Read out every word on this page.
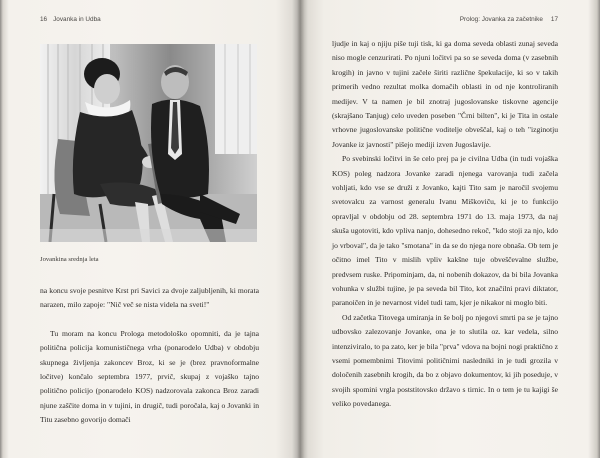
16 Jovanka in Udba
Jovankina srednja leta

na koncu svoje pesnitve Krst pri Savici za dvoje zaljubljenih, ki morata narazen, milo zapoje: "Nič več se nista videla na sveti!"

Tu moram na koncu Prologa metodološko opomniti, da je tajna politična policija komunističnega vrha (ponarodelo Udba) v obdobju skupnega življenja zakoncev Broz, ki se je (brez pravnoformalne ločitve) končalo septembra 1977, prvič, skupaj z vojaško tajno politično policijo (ponarodelo KOS) nadzorovala zakonca Broz zaradi njune zaščite doma in v tujini, in drugič, tudi poročala, kaj o Jovanki in Titu zasebno govorijo domači

Prolog: Jovanka za začetnike 17

ljudje in kaj o njiju piše tuji tisk, ki ga doma seveda oblasti zunaj seveda niso mogle cenzurirati. Po njuni ločitvi pa so se seveda doma (v zasebnih krogih) in javno v tujini začele širiti različne špekulacije, ki so v takih primerih vedno rezultat molka domačih oblasti in od nje kontroliranih medijev. V ta namen je bil znotraj jugoslovanske tiskovne agencije (skrajšano Tanjug) celo uveden poseben "Črni bilten", ki je Tita in ostale vrhovne jugoslovanske politične voditelje obveščal, kaj o teh "izginotju Jovanke iz javnosti" pišejo mediji izven Jugoslavije.

Po svebinski ločitvi in še celo prej pa je civilna Udba (in tudi vojaška KOS) poleg nadzora Jovanke zaradi njenega varovanja tudi začela vohljati, kdo vse se druži z Jovanko, kajti Tito sam je naročil svojemu svetovalcu za varnost generalu Ivanu Miškoviču, ki je to funkcijo opravljal v obdobju od 28. septembra 1971 do 13. maja 1973, da naj skuša ugotoviti, kdo vpliva nanjo, dohesedno rekoč, "kdo stoji za njo, kdo jo vrboval", da je tako "smotana" in da se do njega nore obnaša. Ob tem je očitno imel Tito v mislih vpliv kakšne tuje obveščevalne službe, predvsem ruske. Pripominjam, da, ni nobenih dokazov, da bi bila Jovanka vohunka v službi tujine, je pa seveda bil Tito, kot značilni pravi diktator, paranoičen in je nevarnost videl tudi tam, kjer je nikakor ni moglo biti.

Od začetka Titovega umiranja in še bolj po njegovi smrti pa se je tajno udbovsko zalezovanje Jovanke, ona je to slutila oz. kar vedela, silno intenziviralo, to pa zato, ker je bila "prva" vdova na bojni nogi praktično z vsemi pomembnimi Titovimi političnimi nasledniki in je tudi grozila v določenih zasebnih krogih, da bo z objavo dokumentov, ki jih poseduje, v svojih spomini vrgla poststitovsko državo s tirnic. In o tem je tu kajigi še veliko povedanega.
